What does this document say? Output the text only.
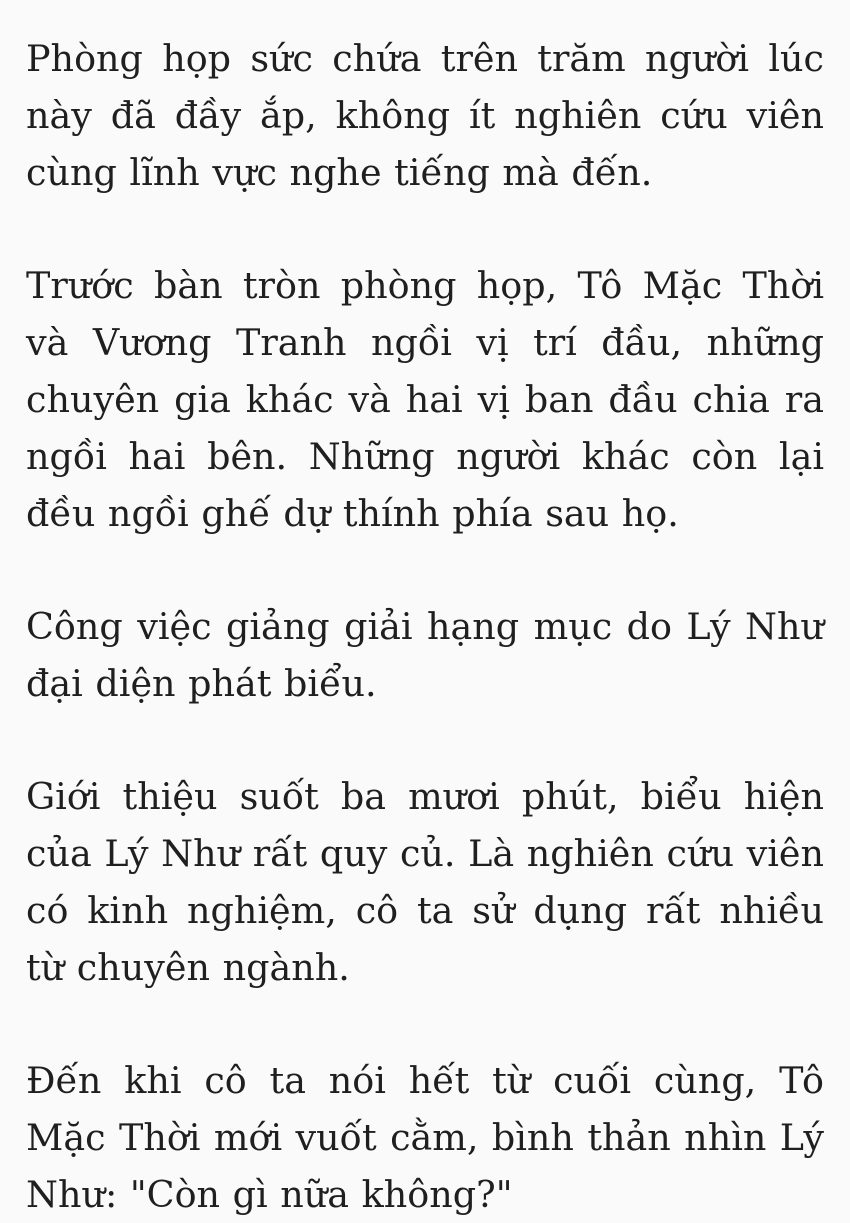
Phòng họp sức chứa trên trăm người lúc này đã đầy ắp, không ít nghiên cứu viên cùng lĩnh vực nghe tiếng mà đến.

Trước bàn tròn phòng họp, Tô Mặc Thời và Vương Tranh ngồi vị trí đầu, những chuyên gia khác và hai vị ban đầu chia ra ngồi hai bên. Những người khác còn lại đều ngồi ghế dự thính phía sau họ.

Công việc giảng giải hạng mục do Lý Như đại diện phát biểu.

Giới thiệu suốt ba mươi phút, biểu hiện của Lý Như rất quy củ. Là nghiên cứu viên có kinh nghiệm, cô ta sử dụng rất nhiều từ chuyên ngành.

Đến khi cô ta nói hết từ cuối cùng, Tô Mặc Thời mới vuốt cằm, bình thản nhìn Lý Như: "Còn gì nữa không?"
